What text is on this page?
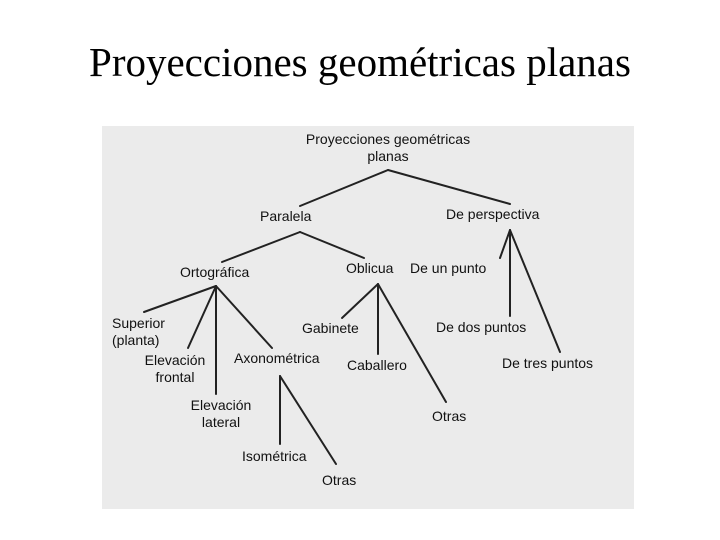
Proyecciones geométricas planas
Proyecciones geométricas
planas
Paralela	De perspectiva
Ortográfica	Oblicua De un punto
Superior
(planta)
Elevación
frontal
Axonométrica
Gabinete	De dos puntos
Caballero	De tres puntos
Elevación
lateral	Otras
Isométrica
Otras
